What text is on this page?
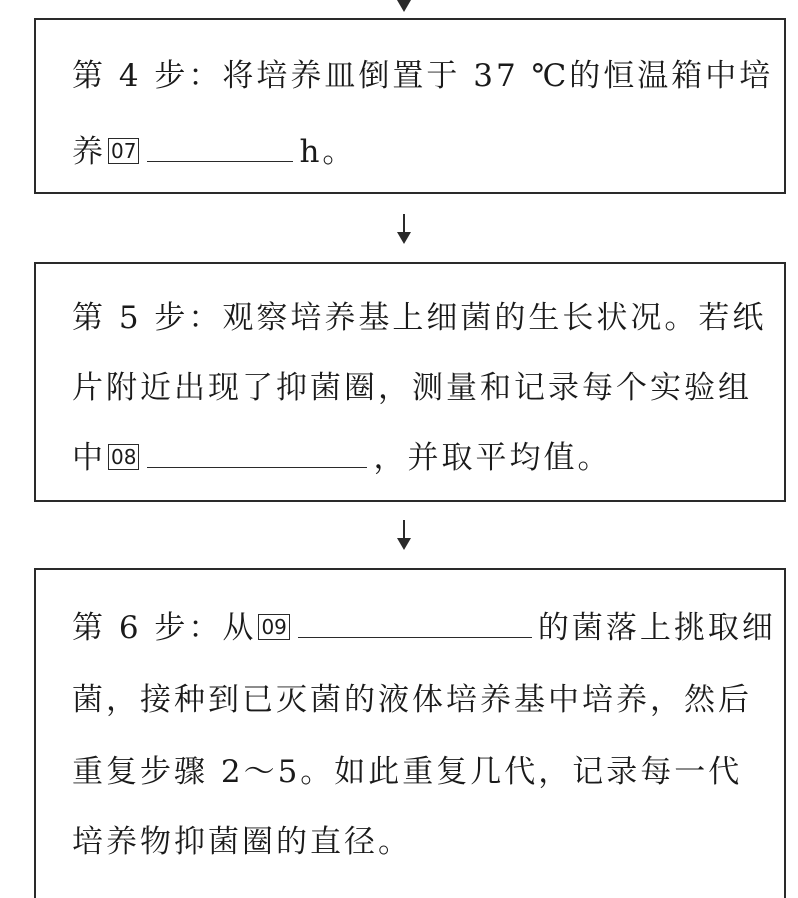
第 4 步：将培养皿倒置于 37 ℃的恒温箱中培

养 07	h。

第 5 步：观察培养基上细菌的生长状况。若纸

片附近出现了抑菌圈，测量和记录每个实验组

中 08	，并取平均值。

第 6 步：从 09	的菌落上挑取细

菌，接种到已灭菌的液体培养基中培养，然后

重复步骤 2～5。如此重复几代，记录每一代

培养物抑菌圈的直径。
